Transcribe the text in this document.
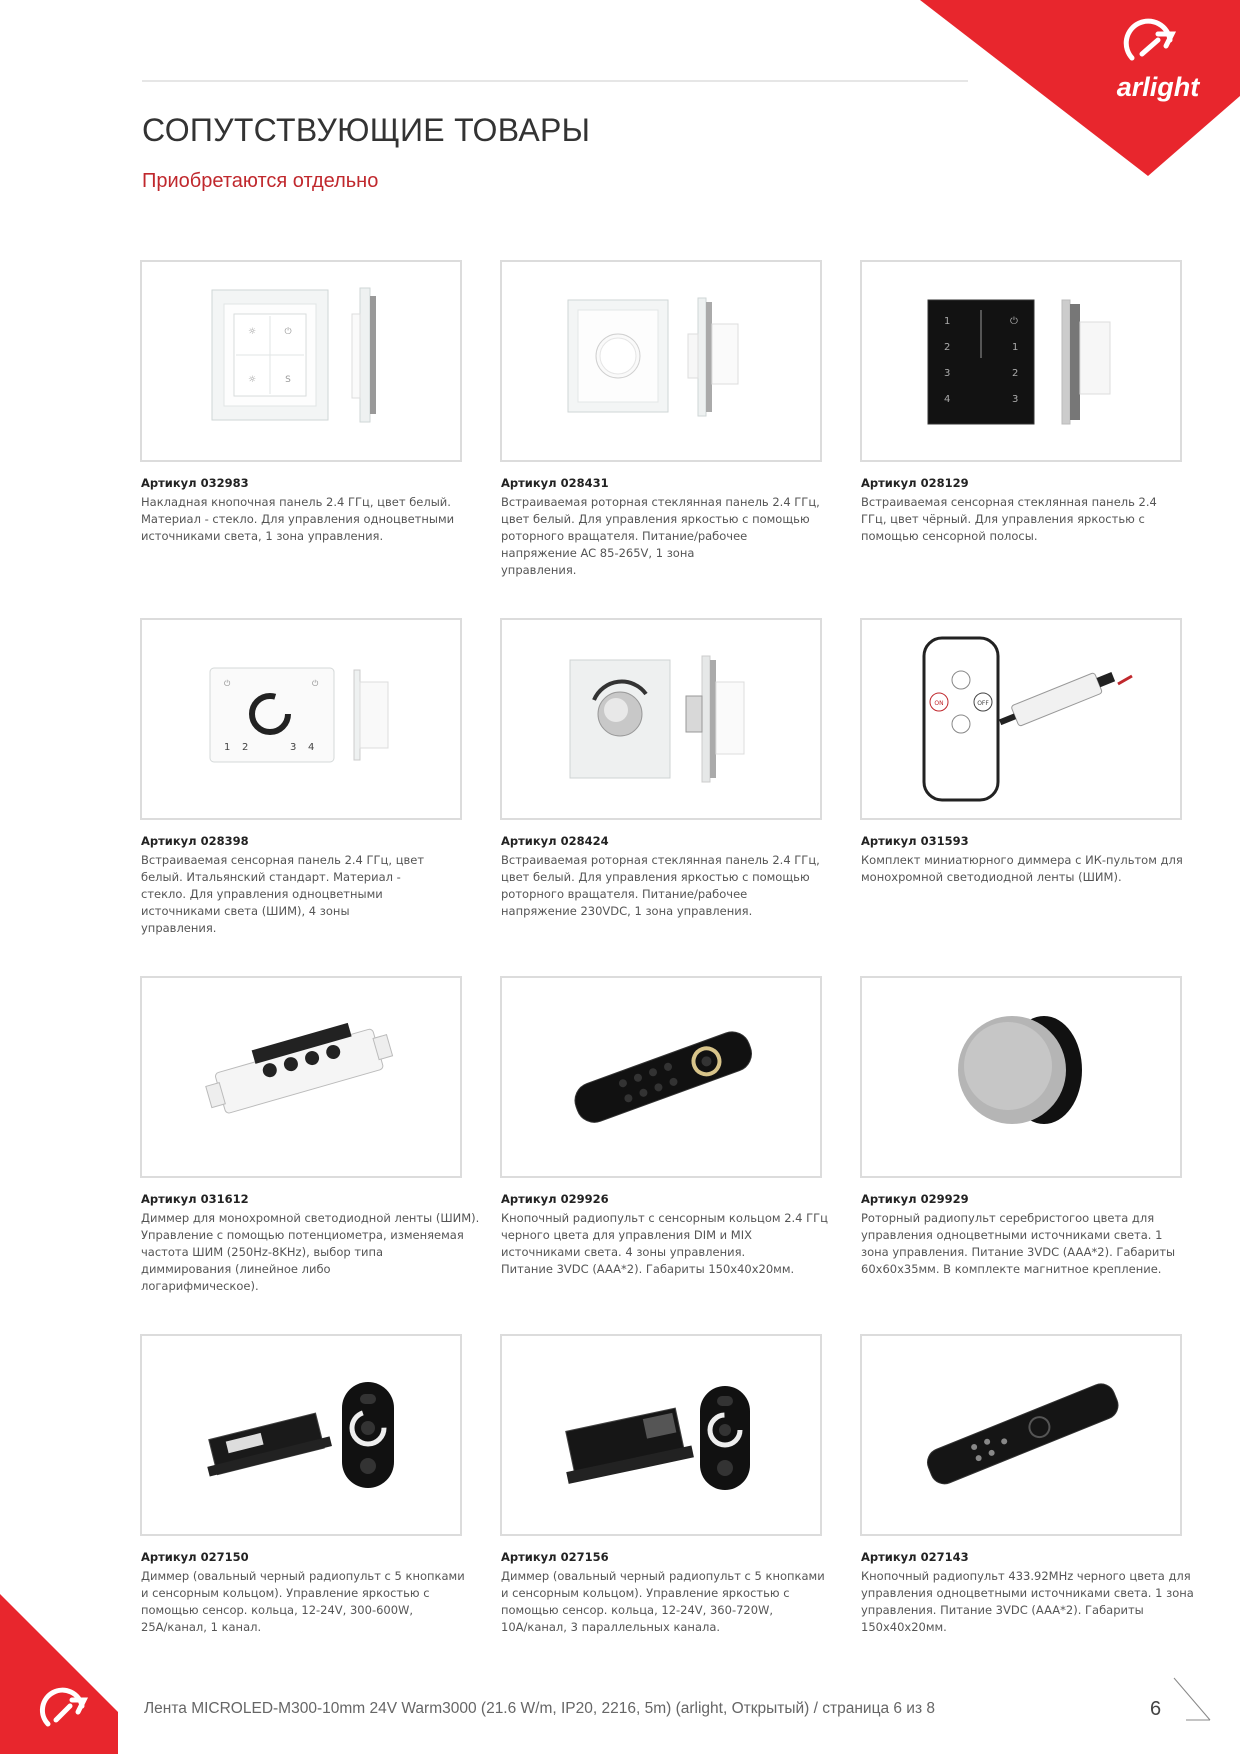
arlight
СОПУТСТВУЮЩИЕ ТОВАРЫ
Приобретаются отдельно
☼	⏻
☼	S
Артикул 032983
Накладная кнопочная панель 2.4 ГГц, цвет белый.
Материал - стекло. Для управления одноцветными
источниками света, 1 зона управления.
Артикул 028431
Встраиваемая роторная стеклянная панель 2.4 ГГц,
цвет белый. Для управления яркостью с помощью
роторного вращателя. Питание/рабочее
напряжение AC 85-265V, 1 зона
управления.
1
2
3
4
⏻
1
2
3
Артикул 028129
Встраиваемая сенсорная стеклянная панель 2.4
ГГц, цвет чёрный. Для управления яркостью с
помощью сенсорной полосы.
1 2	3 4
⏻	⏻
Артикул 028398
Встраиваемая сенсорная панель 2.4 ГГц, цвет
белый. Итальянский стандарт. Материал -
стекло. Для управления одноцветными
источниками света (ШИМ), 4 зоны
управления.
Артикул 028424
Встраиваемая роторная стеклянная панель 2.4 ГГц,
цвет белый. Для управления яркостью с помощью
роторного вращателя. Питание/рабочее
напряжение 230VDC, 1 зона управления.
ON	OFF
Артикул 031593
Комплект миниатюрного диммера с ИК-пультом для
монохромной светодиодной ленты (ШИМ).
Артикул 031612
Диммер для монохромной светодиодной ленты (ШИМ).
Управление с помощью потенциометра, изменяемая
частота ШИМ (250Hz-8KHz), выбор типа
диммирования (линейное либо
логарифмическое).
Артикул 029926
Кнопочный радиопульт с сенсорным кольцом 2.4 ГГц
черного цвета для управления DIM и MIX
источниками света. 4 зоны управления.
Питание 3VDC (AAA*2). Габариты 150x40x20мм.
Артикул 029929
Роторный радиопульт серебристогоо цвета для
управления одноцветными источниками света. 1
зона управления. Питание 3VDC (AAA*2). Габариты
60x60x35мм. В комплекте магнитное крепление.
Артикул 027150
Диммер (овальный черный радиопульт с 5 кнопками
и сенсорным кольцом). Управление яркостью с
помощью сенсор. кольца, 12-24V, 300-600W,
25A/канал, 1 канал.
Артикул 027156
Диммер (овальный черный радиопульт с 5 кнопками
и сенсорным кольцом). Управление яркостью с
помощью сенсор. кольца, 12-24V, 360-720W,
10A/канал, 3 параллельных канала.
Артикул 027143
Кнопочный радиопульт 433.92MHz черного цвета для
управления одноцветными источниками света. 1 зона
управления. Питание 3VDC (AAA*2). Габариты
150x40x20мм.
Лента MICROLED-M300-10mm 24V Warm3000 (21.6 W/m, IP20, 2216, 5m) (arlight, Открытый) / страница 6 из 8	6
